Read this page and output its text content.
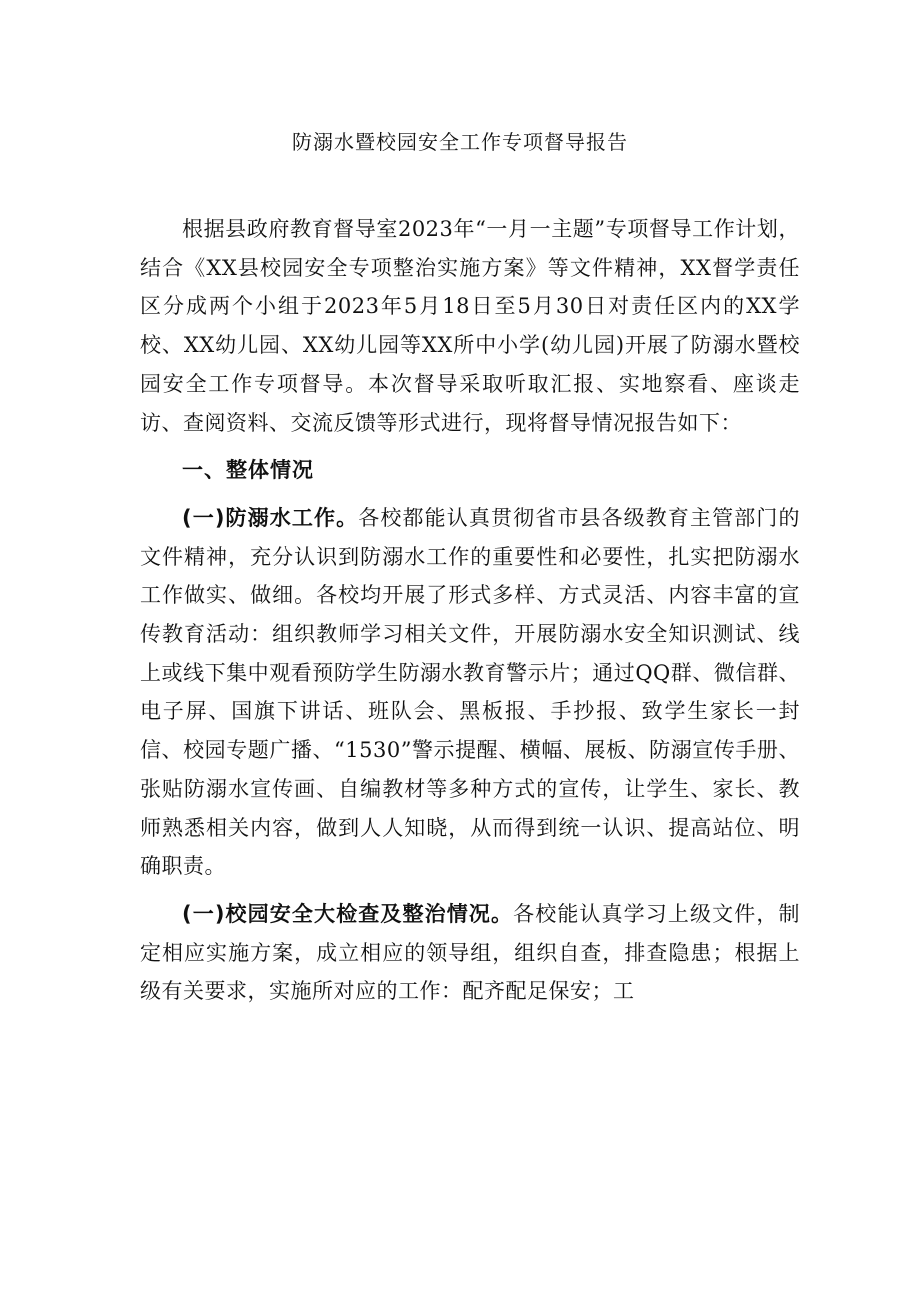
防溺水暨校园安全工作专项督导报告

根据县政府教育督导室2023年“一月一主题”专项督导工作计划，结合《XX县校园安全专项整治实施方案》等文件精神，XX督学责任区分成两个小组于2023年5月18日至5月30日对责任区内的XX学校、XX幼儿园、XX幼儿园等XX所中小学(幼儿园)开展了防溺水暨校园安全工作专项督导。本次督导采取听取汇报、实地察看、座谈走访、查阅资料、交流反馈等形式进行，现将督导情况报告如下：

一、整体情况

(一)防溺水工作。各校都能认真贯彻省市县各级教育主管部门的文件精神，充分认识到防溺水工作的重要性和必要性，扎实把防溺水工作做实、做细。各校均开展了形式多样、方式灵活、内容丰富的宣传教育活动：组织教师学习相关文件，开展防溺水安全知识测试、线上或线下集中观看预防学生防溺水教育警示片；通过QQ群、微信群、电子屏、国旗下讲话、班队会、黑板报、手抄报、致学生家长一封信、校园专题广播、“1530”警示提醒、横幅、展板、防溺宣传手册、张贴防溺水宣传画、自编教材等多种方式的宣传，让学生、家长、教师熟悉相关内容，做到人人知晓，从而得到统一认识、提高站位、明确职责。

(一)校园安全大检查及整治情况。各校能认真学习上级文件，制定相应实施方案，成立相应的领导组，组织自查，排查隐患；根据上级有关要求，实施所对应的工作：配齐配足保安；工
